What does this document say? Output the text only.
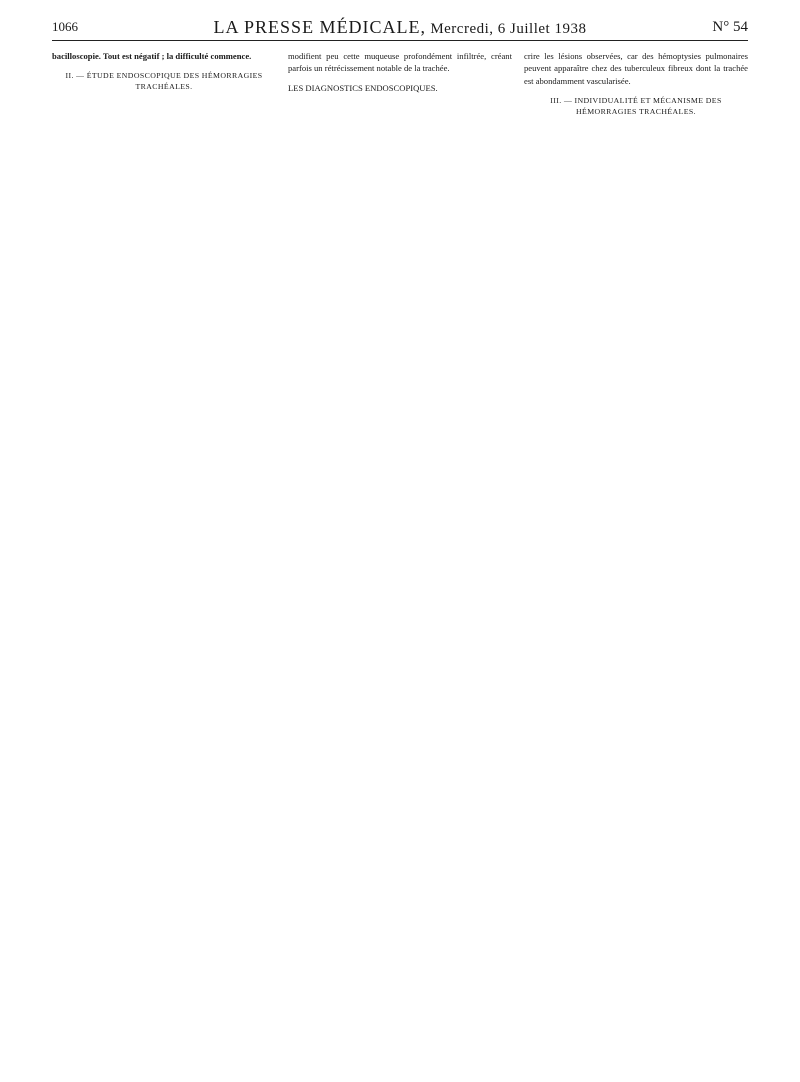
1066	LA PRESSE MÉDICALE, Mercredi, 6 Juillet 1938	N° 54

bacilloscopie. Tout est négatif ; la difficulté commence.

II. — ÉTUDE ENDOSCOPIQUE DES HÉMORRAGIES TRACHÉALES.

modifient peu cette muqueuse profondément infiltrée, créant parfois un rétrécissement notable de la trachée.

LES DIAGNOSTICS ENDOSCOPIQUES.

crire les lésions observées, car des hémoptysies pulmonaires peuvent apparaître chez des tuberculeux fibreux dont la trachée est abondamment vascularisée.

III. — INDIVIDUALITÉ ET MÉCANISME DES HÉMORRAGIES TRACHÉALES.
